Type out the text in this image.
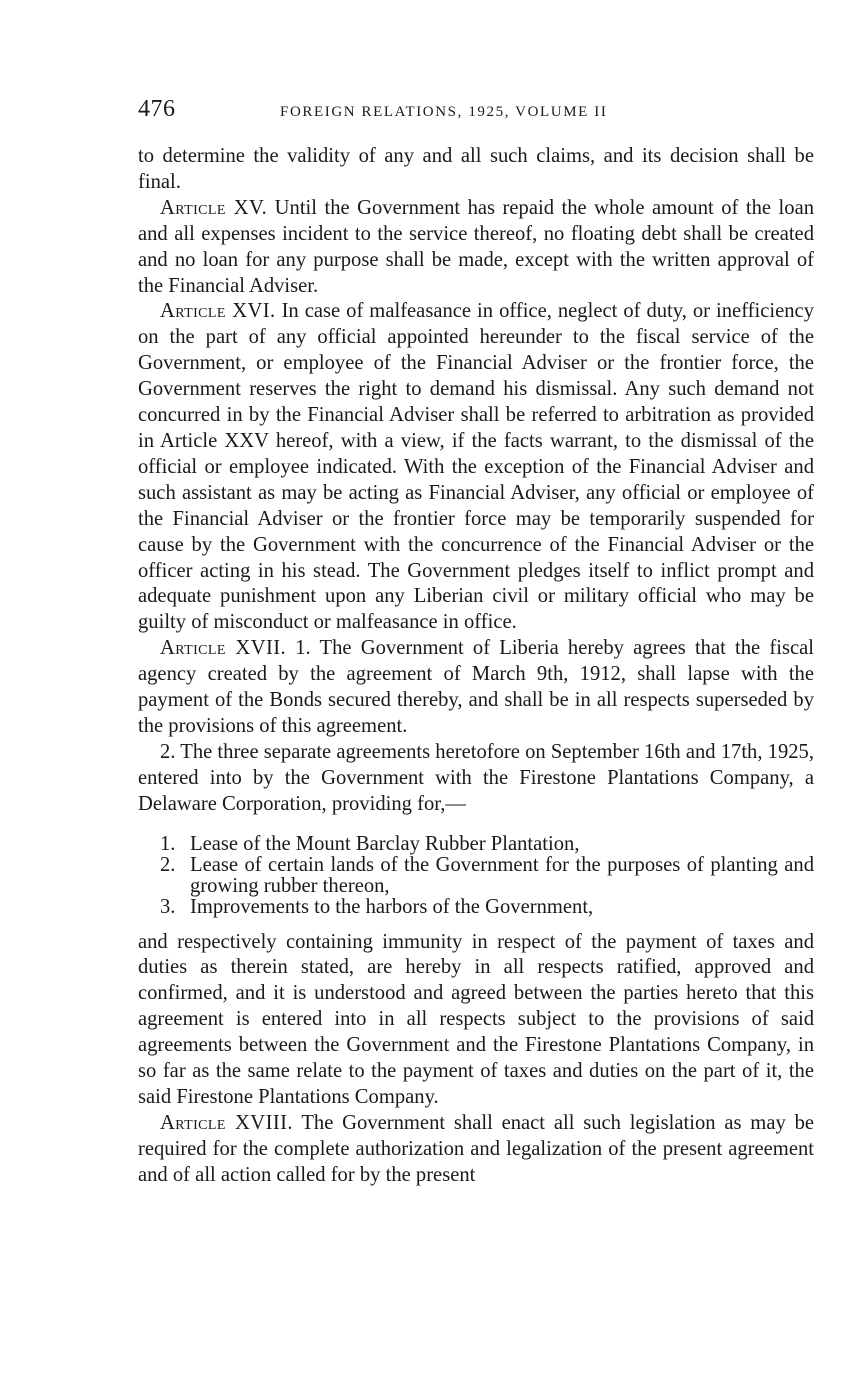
476	FOREIGN RELATIONS, 1925, VOLUME II

to determine the validity of any and all such claims, and its decision shall be final.

Article XV. Until the Government has repaid the whole amount of the loan and all expenses incident to the service thereof, no floating debt shall be created and no loan for any purpose shall be made, except with the written approval of the Financial Adviser.

Article XVI. In case of malfeasance in office, neglect of duty, or inefficiency on the part of any official appointed hereunder to the fiscal service of the Government, or employee of the Financial Adviser or the frontier force, the Government reserves the right to demand his dismissal. Any such demand not concurred in by the Financial Adviser shall be referred to arbitration as provided in Article XXV hereof, with a view, if the facts warrant, to the dismissal of the official or employee indicated. With the exception of the Financial Adviser and such assistant as may be acting as Financial Adviser, any official or employee of the Financial Adviser or the frontier force may be temporarily suspended for cause by the Government with the concurrence of the Financial Adviser or the officer acting in his stead. The Government pledges itself to inflict prompt and adequate punishment upon any Liberian civil or military official who may be guilty of misconduct or malfeasance in office.

Article XVII. 1. The Government of Liberia hereby agrees that the fiscal agency created by the agreement of March 9th, 1912, shall lapse with the payment of the Bonds secured thereby, and shall be in all respects superseded by the provisions of this agreement.

2. The three separate agreements heretofore on September 16th and 17th, 1925, entered into by the Government with the Firestone Plantations Company, a Delaware Corporation, providing for,—

1. Lease of the Mount Barclay Rubber Plantation,
2. Lease of certain lands of the Government for the purposes of planting and growing rubber thereon,
3. Improvements to the harbors of the Government,

and respectively containing immunity in respect of the payment of taxes and duties as therein stated, are hereby in all respects ratified, approved and confirmed, and it is understood and agreed between the parties hereto that this agreement is entered into in all respects subject to the provisions of said agreements between the Government and the Firestone Plantations Company, in so far as the same relate to the payment of taxes and duties on the part of it, the said Firestone Plantations Company.

Article XVIII. The Government shall enact all such legislation as may be required for the complete authorization and legalization of the present agreement and of all action called for by the present
